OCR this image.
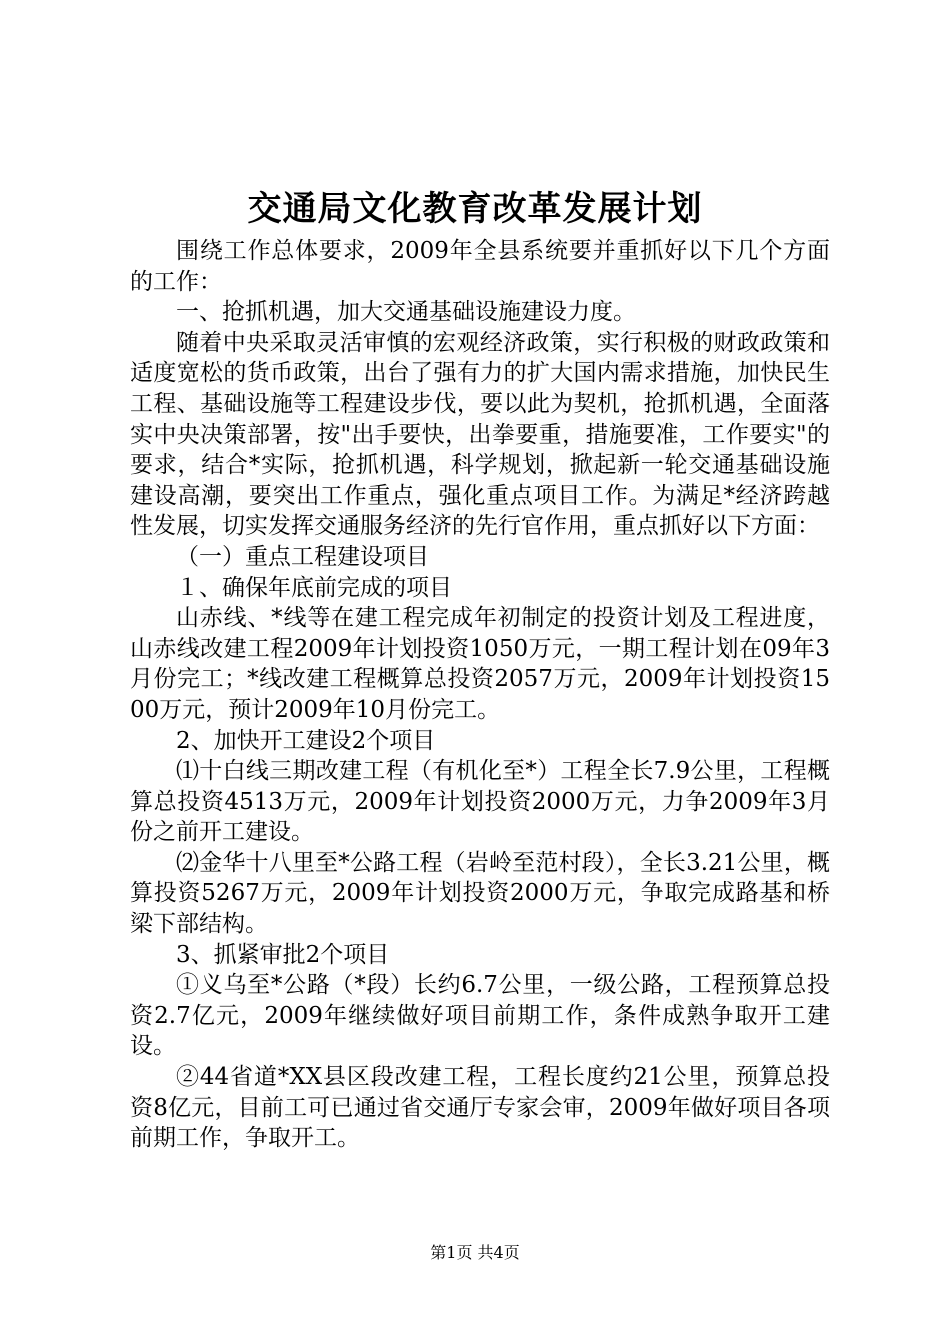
交通局文化教育改革发展计划

围绕工作总体要求，2009年全县系统要并重抓好以下几个方面的工作：

一、抢抓机遇，加大交通基础设施建设力度。

随着中央采取灵活审慎的宏观经济政策，实行积极的财政政策和适度宽松的货币政策，出台了强有力的扩大国内需求措施，加快民生工程、基础设施等工程建设步伐，要以此为契机，抢抓机遇，全面落实中央决策部署，按"出手要快，出拳要重，措施要准，工作要实"的要求，结合*实际，抢抓机遇，科学规划，掀起新一轮交通基础设施建设高潮，要突出工作重点，强化重点项目工作。为满足*经济跨越性发展，切实发挥交通服务经济的先行官作用，重点抓好以下方面：

（一）重点工程建设项目

１、确保年底前完成的项目

山赤线、*线等在建工程完成年初制定的投资计划及工程进度，山赤线改建工程2009年计划投资1050万元，一期工程计划在09年3月份完工；*线改建工程概算总投资2057万元，2009年计划投资1500万元，预计2009年10月份完工。

2、加快开工建设2个项目

⑴十白线三期改建工程（有机化至*）工程全长7.9公里，工程概算总投资4513万元，2009年计划投资2000万元，力争2009年3月份之前开工建设。

⑵金华十八里至*公路工程（岩岭至范村段），全长3.21公里，概算投资5267万元，2009年计划投资2000万元，争取完成路基和桥梁下部结构。

3、抓紧审批2个项目

①义乌至*公路（*段）长约6.7公里，一级公路，工程预算总投资2.7亿元，2009年继续做好项目前期工作，条件成熟争取开工建设。

②44省道*XX县区段改建工程，工程长度约21公里，预算总投资8亿元，目前工可已通过省交通厅专家会审，2009年做好项目各项前期工作，争取开工。

第1页 共4页
